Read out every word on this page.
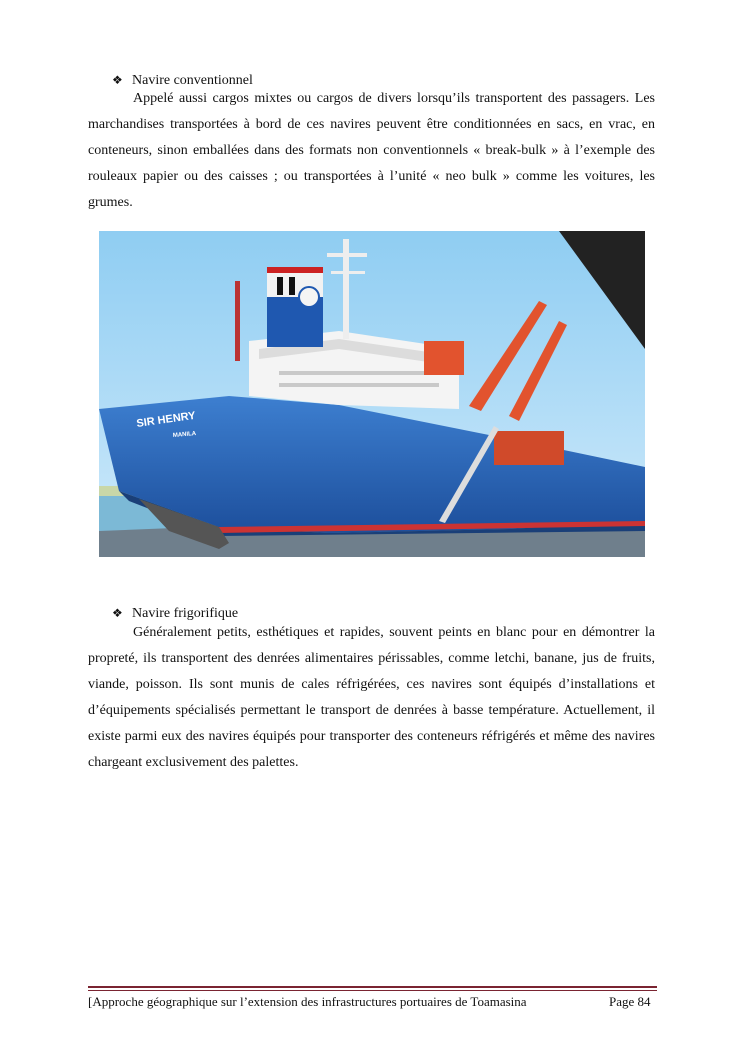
❖ Navire conventionnel

Appelé aussi cargos mixtes ou cargos de divers lorsqu’ils transportent des passagers. Les marchandises transportées à bord de ces navires peuvent être conditionnées en sacs, en vrac, en conteneurs, sinon emballées dans des formats non conventionnels « break-bulk » à l’exemple des rouleaux papier ou des caisses ; ou transportées à l’unité « neo bulk » comme les voitures, les grumes.

SIR HENRY
MANILA
❖ Navire frigorifique

Généralement petits, esthétiques et rapides, souvent peints en blanc pour en démontrer la propreté, ils transportent des denrées alimentaires périssables, comme letchi, banane, jus de fruits, viande, poisson. Ils sont munis de cales réfrigérées, ces navires sont équipés d’installations et d’équipements spécialisés permettant le transport de denrées à basse température. Actuellement, il existe parmi eux des navires équipés pour transporter des conteneurs réfrigérés et même des navires chargeant exclusivement des palettes.

[Approche géographique sur l’extension des infrastructures portuaires de Toamasina	Page 84
